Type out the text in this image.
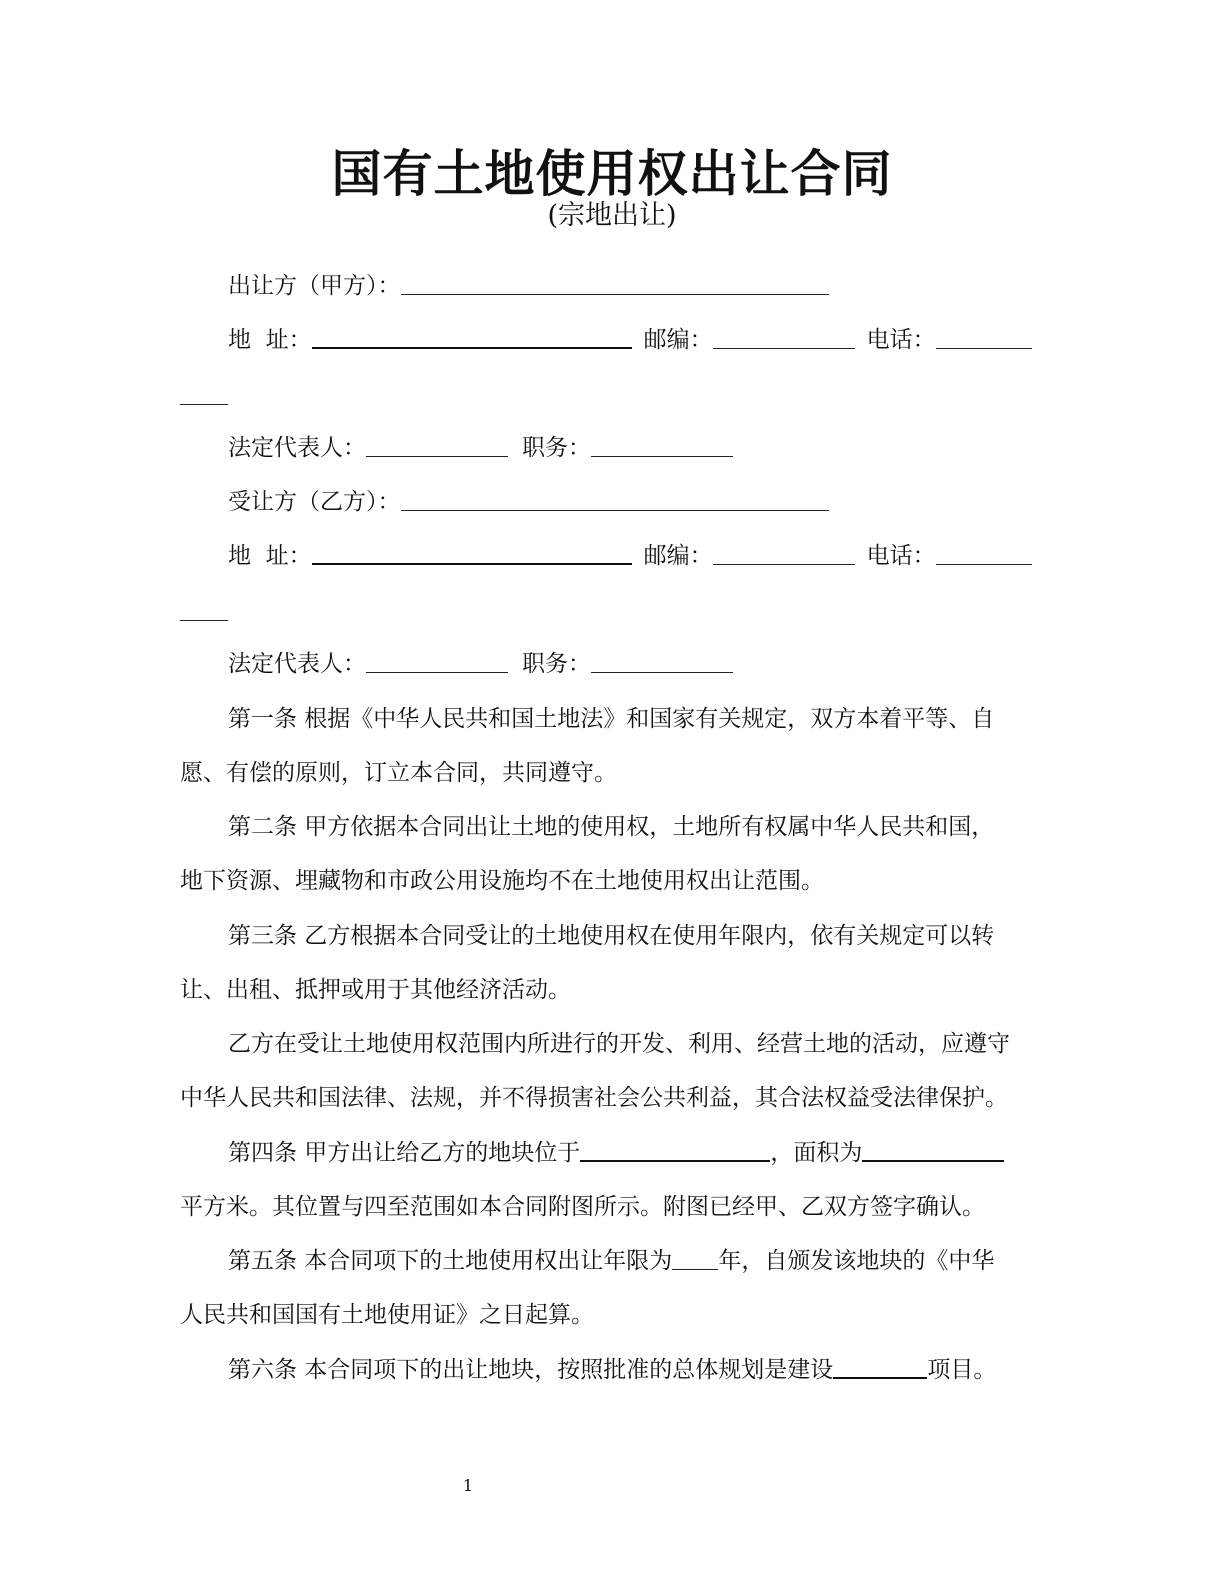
国有土地使用权出让合同
(宗地出让)
出让方（甲方）：
地  址：	邮编：	电话：
法定代表人：	职务：
受让方（乙方）：
地  址：	邮编：	电话：
法定代表人：	职务：
第一条 根据《中华人民共和国土地法》和国家有关规定，双方本着平等、自
愿、有偿的原则，订立本合同，共同遵守。
第二条 甲方依据本合同出让土地的使用权，土地所有权属中华人民共和国，
地下资源、埋藏物和市政公用设施均不在土地使用权出让范围。
第三条 乙方根据本合同受让的土地使用权在使用年限内，依有关规定可以转
让、出租、抵押或用于其他经济活动。
乙方在受让土地使用权范围内所进行的开发、利用、经营土地的活动，应遵守
中华人民共和国法律、法规，并不得损害社会公共利益，其合法权益受法律保护。
第四条 甲方出让给乙方的地块位于	，面积为
平方米。其位置与四至范围如本合同附图所示。附图已经甲、乙双方签字确认。
第五条 本合同项下的土地使用权出让年限为 年，自颁发该地块的《中华
人民共和国国有土地使用证》之日起算。
第六条 本合同项下的出让地块，按照批准的总体规划是建设	项目。
1
